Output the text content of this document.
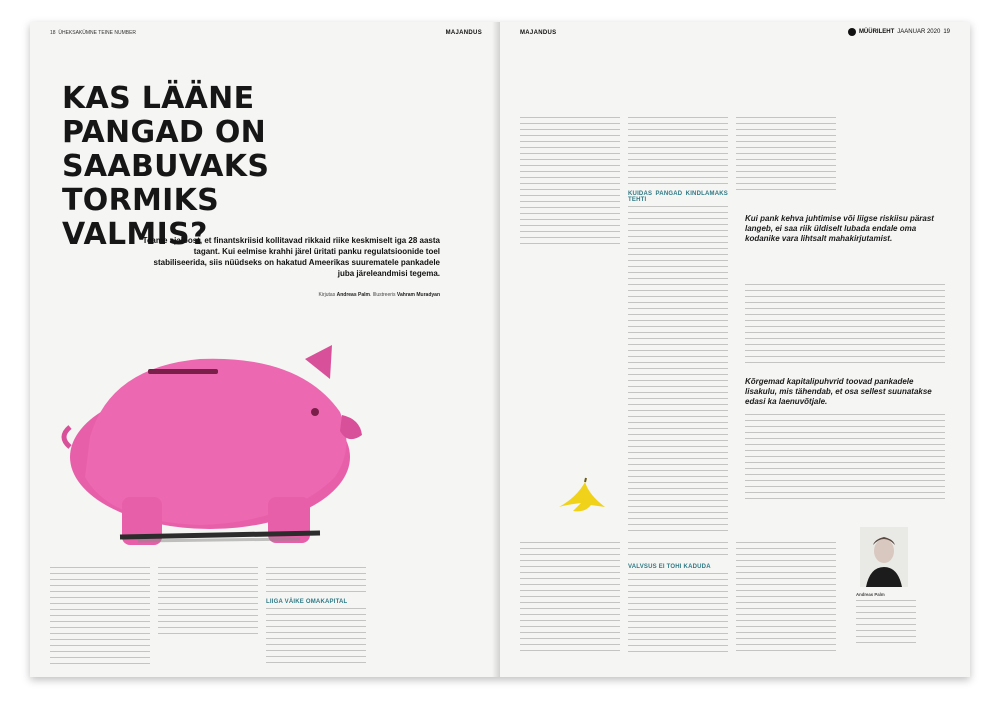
18 ÜHEKSAKÜMNE TEINE NUMBER	MAJANDUS
KAS LÄÄNE PANGAD ON
SAABUVAKS TORMIKS
VALMIS?
Teame ajaloost, et finantskriisid kollitavad rikkaid riike keskmiselt iga 28 aasta tagant. Kui eelmise krahhi järel üritati panku regulatsioonide toel stabiliseerida, siis nüüdseks on hakatud Ameerikas suurematele pankadele juba järeleandmisi tegema.
Kirjutas Andreas Palm. Illustreeris Vahram Muradyan
LIIGA VÄIKE OMAKAPITAL
MAJANDUS	MÜÜRILEHT JAANUAR 2020 19
KUIDAS PANGAD KINDLAMAKS TEHTI
Kui pank kehva juhtimise või liigse riskiisu pärast langeb, ei saa riik üldiselt lubada endale oma kodanike vara lihtsalt mahakirjutamist.
Kõrgemad kapitalipuhvrid toovad pankadele lisakulu, mis tähendab, et osa sellest suunatakse edasi ka laenuvõtjale.
VALVSUS EI TOHI KADUDA
Andreas Palm
